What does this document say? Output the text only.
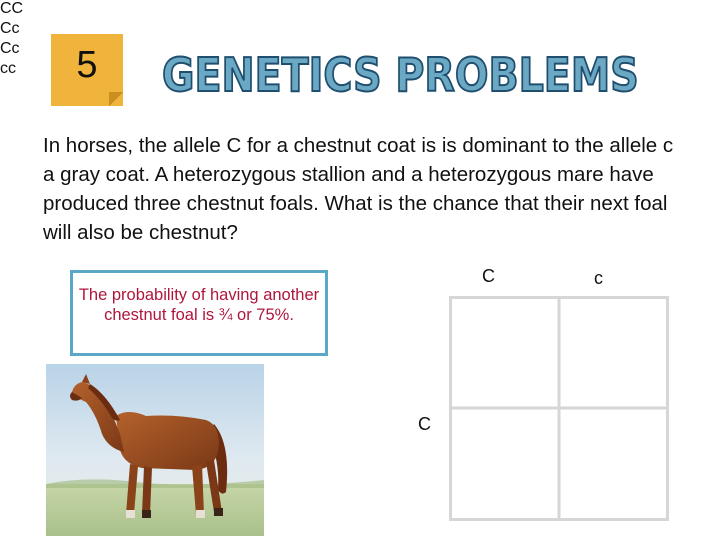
5 GENETICS PROBLEMS
In horses, the allele C for a chestnut coat is is dominant to the allele c a gray coat. A heterozygous stallion and a heterozygous mare have produced three chestnut foals. What is the chance that their next foal will also be chestnut?
The probability of having another chestnut foal is ¾ or 75%.
C	c
C
CC
Cc
Cc
cc
